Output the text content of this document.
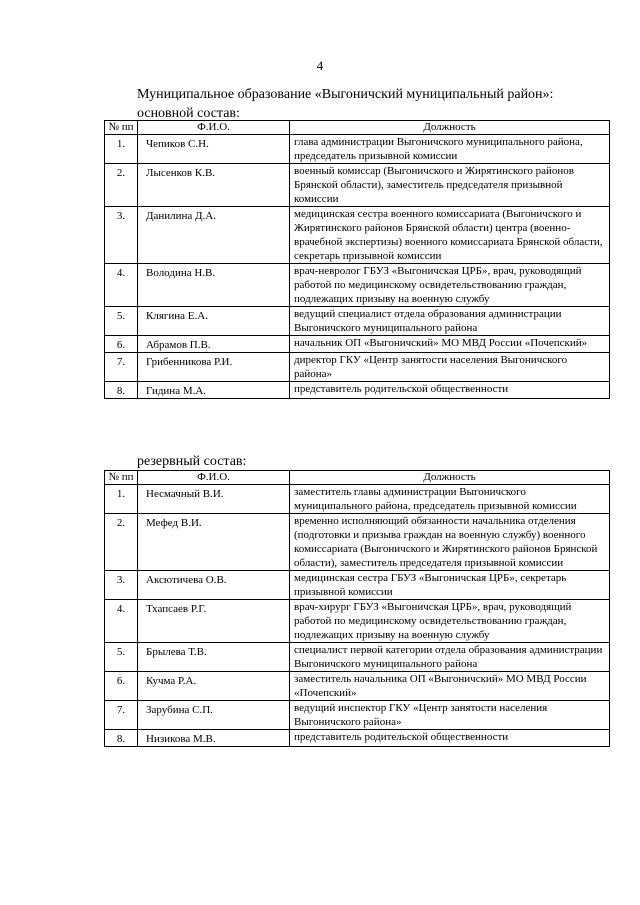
4
Муниципальное образование «Выгоничский муниципальный район»:
основной состав:
№ пп	Ф.И.О.	Должность
1.	Чепиков С.Н.	глава администрации Выгоничского муниципального района, председатель призывной комиссии
2.	Лысенков К.В.	военный комиссар (Выгоничского и Жирятинского районов Брянской области), заместитель председателя призывной комиссии
3.	Данилина Д.А.	медицинская сестра военного комиссариата (Выгоничского и Жирятинского районов Брянской области) центра (военно-врачебной экспертизы) военного комиссариата Брянской области, секретарь призывной комиссии
4.	Володина Н.В.	врач-невролог ГБУЗ «Выгоничская ЦРБ», врач, руководящий работой по медицинскому освидетельствованию граждан, подлежащих призыву на военную службу
5.	Клягина Е.А.	ведущий специалист отдела образования администрации Выгоничского муниципального района
6.	Абрамов П.В.	начальник ОП «Выгоничский» МО МВД России «Почепский»
7.	Грибенникова Р.И.	директор ГКУ «Центр занятости населения Выгоничского района»
8.	Гидина М.А.	представитель родительской общественности
резервный состав:
№ пп	Ф.И.О.	Должность
1.	Несмачный В.И.	заместитель главы администрации Выгоничского муниципального района, председатель призывной комиссии
2.	Мефед В.И.	временно исполняющий обязанности начальника отделения (подготовки и призыва граждан на военную службу) военного комиссариата (Выгоничского и Жирятинского районов Брянской области), заместитель председателя призывной комиссии
3.	Аксютичева О.В.	медицинская сестра ГБУЗ «Выгоничская ЦРБ», секретарь призывной комиссии
4.	Тхапсаев Р.Г.	врач-хирург ГБУЗ «Выгоничская ЦРБ», врач, руководящий работой по медицинскому освидетельствованию граждан, подлежащих призыву на военную службу
5.	Брылева Т.В.	специалист первой категории отдела образования администрации Выгоничского муниципального района
6.	Кучма Р.А.	заместитель начальника ОП «Выгоничский» МО МВД России «Почепский»
7.	Зарубина С.П.	ведущий инспектор ГКУ «Центр занятости населения Выгоничского района»
8.	Низикова М.В.	представитель родительской общественности
